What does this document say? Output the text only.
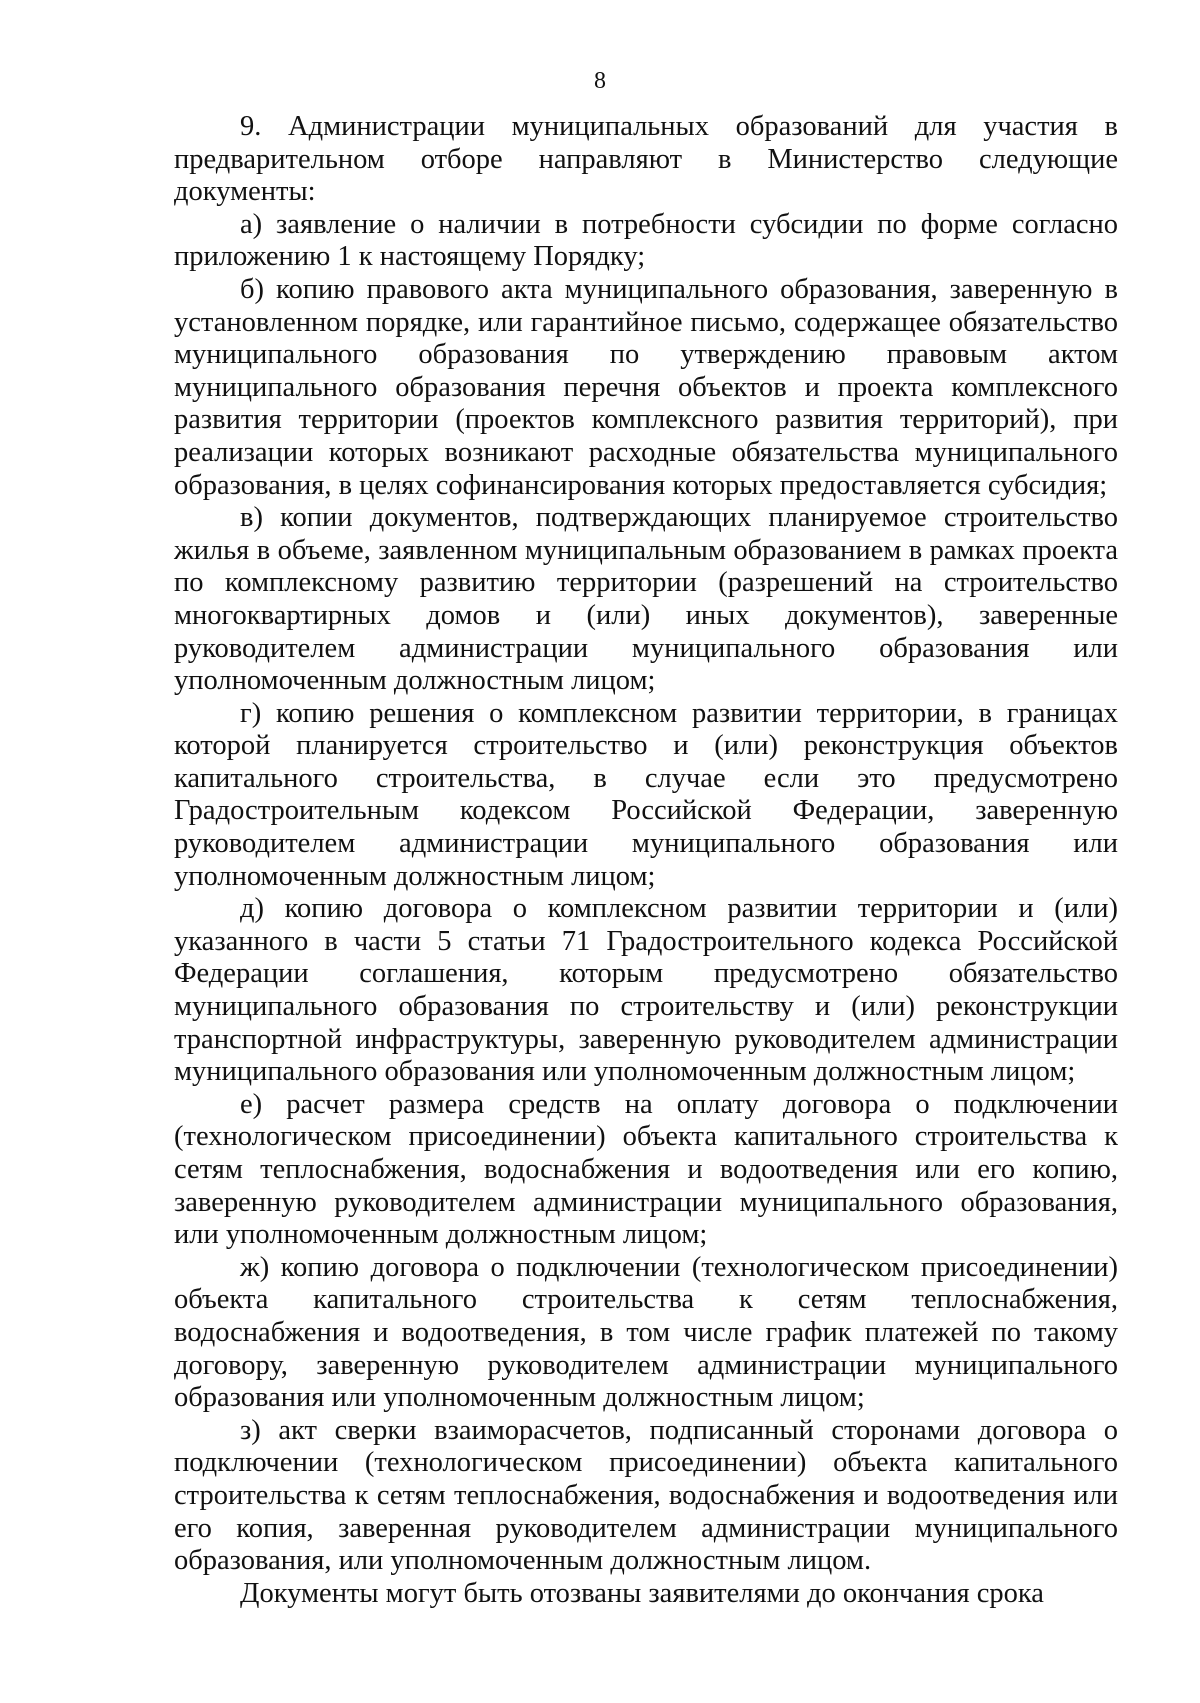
8

9. Администрации муниципальных образований для участия в предварительном отборе направляют в Министерство следующие документы:

а) заявление о наличии в потребности субсидии по форме согласно приложению 1 к настоящему Порядку;

б) копию правового акта муниципального образования, заверенную в установленном порядке, или гарантийное письмо, содержащее обязательство муниципального образования по утверждению правовым актом муниципального образования перечня объектов и проекта комплексного развития территории (проектов комплексного развития территорий), при реализации которых возникают расходные обязательства муниципального образования, в целях софинансирования которых предоставляется субсидия;

в) копии документов, подтверждающих планируемое строительство жилья в объеме, заявленном муниципальным образованием в рамках проекта по комплексному развитию территории (разрешений на строительство многоквартирных домов и (или) иных документов), заверенные руководителем администрации муниципального образования или уполномоченным должностным лицом;

г) копию решения о комплексном развитии территории, в границах которой планируется строительство и (или) реконструкция объектов капитального строительства, в случае если это предусмотрено Градостроительным кодексом Российской Федерации, заверенную руководителем администрации муниципального образования или уполномоченным должностным лицом;

д) копию договора о комплексном развитии территории и (или) указанного в части 5 статьи 71 Градостроительного кодекса Российской Федерации соглашения, которым предусмотрено обязательство муниципального образования по строительству и (или) реконструкции транспортной инфраструктуры, заверенную руководителем администрации муниципального образования или уполномоченным должностным лицом;

е) расчет размера средств на оплату договора о подключении (технологическом присоединении) объекта капитального строительства к сетям теплоснабжения, водоснабжения и водоотведения или его копию, заверенную руководителем администрации муниципального образования, или уполномоченным должностным лицом;

ж) копию договора о подключении (технологическом присоединении) объекта капитального строительства к сетям теплоснабжения, водоснабжения и водоотведения, в том числе график платежей по такому договору, заверенную руководителем администрации муниципального образования или уполномоченным должностным лицом;

з) акт сверки взаиморасчетов, подписанный сторонами договора о подключении (технологическом присоединении) объекта капитального строительства к сетям теплоснабжения, водоснабжения и водоотведения или его копия, заверенная руководителем администрации муниципального образования, или уполномоченным должностным лицом.

Документы могут быть отозваны заявителями до окончания срока
